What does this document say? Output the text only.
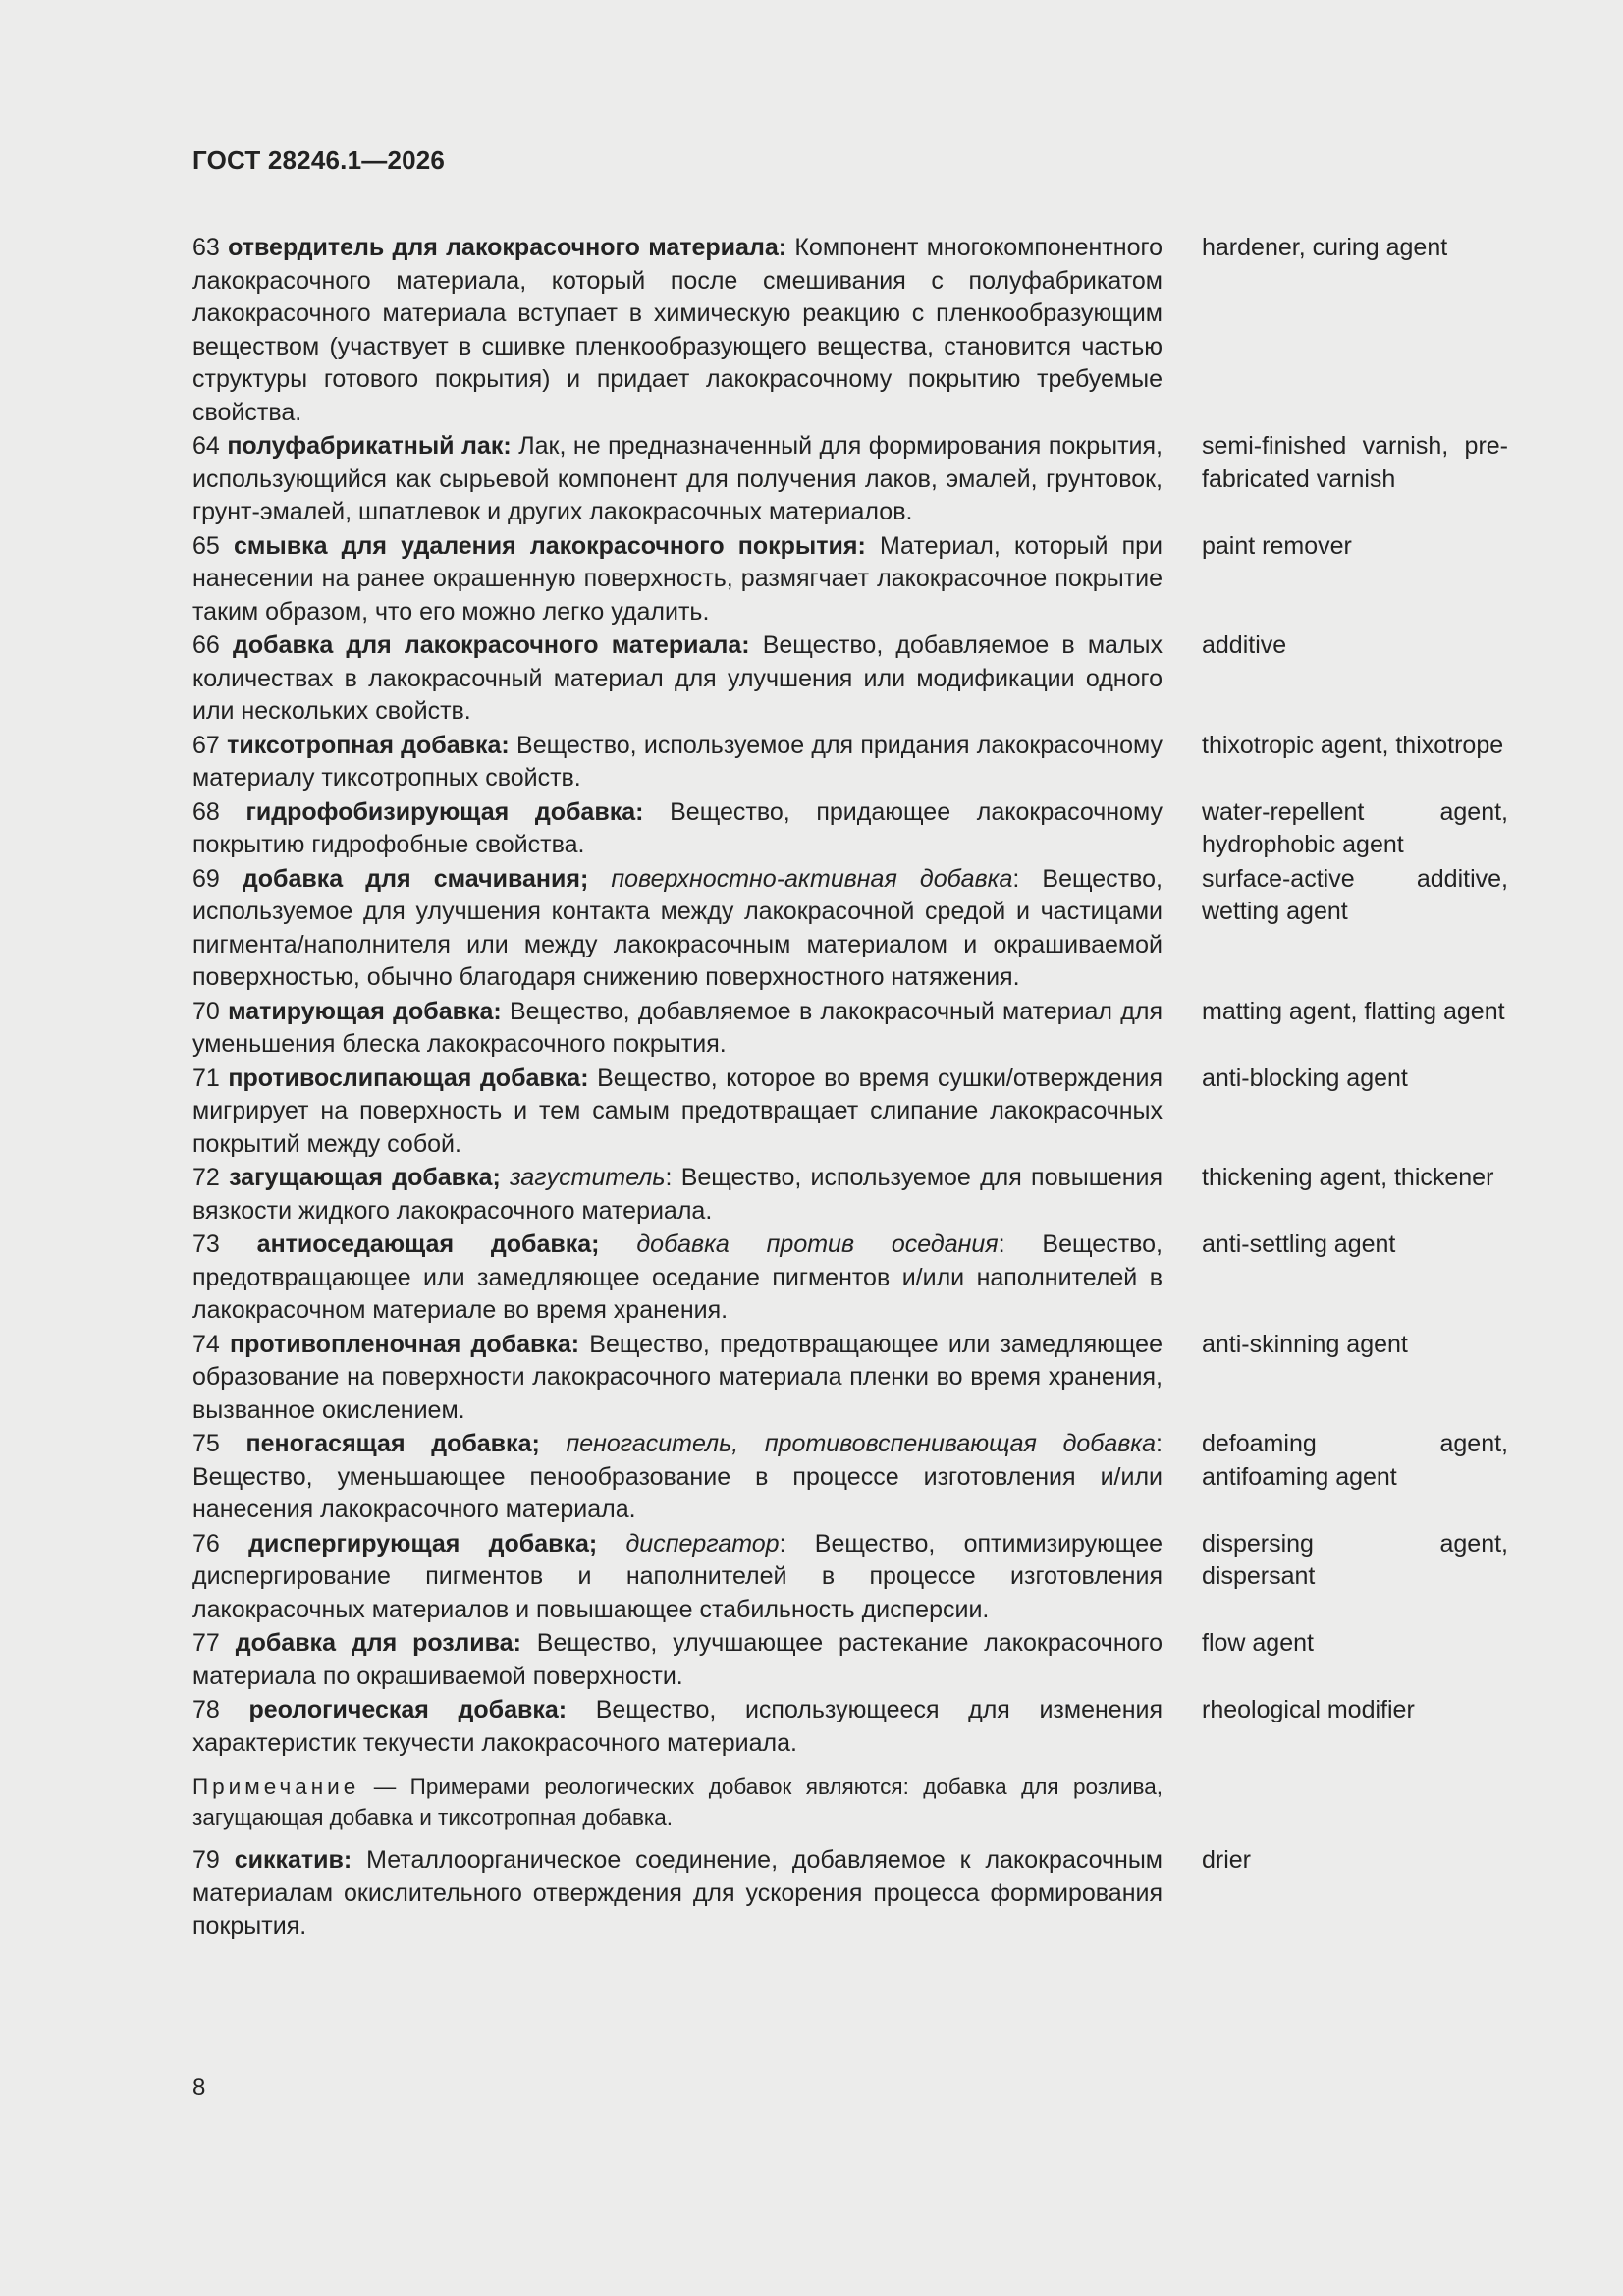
ГОСТ 28246.1—2026
63 отвердитель для лакокрасочного материала: Компонент многокомпонентного лакокрасочного материала, который после смешивания с полуфабрикатом лакокрасочного материала вступает в химическую реакцию с пленкообразующим веществом (участвует в сшивке пленкообразующего вещества, становится частью структуры готового покрытия) и придает лакокрасочному покрытию требуемые свойства.
hardener, curing agent
64 полуфабрикатный лак: Лак, не предназначенный для формирования покрытия, использующийся как сырьевой компонент для получения лаков, эмалей, грунтовок, грунт-эмалей, шпатлевок и других лакокрасочных материалов.
semi-finished varnish, pre-fabricated varnish
65 смывка для удаления лакокрасочного покрытия: Материал, который при нанесении на ранее окрашенную поверхность, размягчает лакокрасочное покрытие таким образом, что его можно легко удалить.
paint remover
66 добавка для лакокрасочного материала: Вещество, добавляемое в малых количествах в лакокрасочный материал для улучшения или модификации одного или нескольких свойств.
additive
67 тиксотропная добавка: Вещество, используемое для придания лакокрасочному материалу тиксотропных свойств.
thixotropic agent, thixotrope
68 гидрофобизирующая добавка: Вещество, придающее лакокрасочному покрытию гидрофобные свойства.
water-repellent agent, hydrophobic agent
69 добавка для смачивания; поверхностно-активная добавка: Вещество, используемое для улучшения контакта между лакокрасочной средой и частицами пигмента/наполнителя или между лакокрасочным материалом и окрашиваемой поверхностью, обычно благодаря снижению поверхностного натяжения.
surface-active additive, wetting agent
70 матирующая добавка: Вещество, добавляемое в лакокрасочный материал для уменьшения блеска лакокрасочного покрытия.
matting agent, flatting agent
71 противослипающая добавка: Вещество, которое во время сушки/отверждения мигрирует на поверхность и тем самым предотвращает слипание лакокрасочных покрытий между собой.
anti-blocking agent
72 загущающая добавка; загуститель: Вещество, используемое для повышения вязкости жидкого лакокрасочного материала.
thickening agent, thickener
73 антиоседающая добавка; добавка против оседания: Вещество, предотвращающее или замедляющее оседание пигментов и/или наполнителей в лакокрасочном материале во время хранения.
anti-settling agent
74 противопленочная добавка: Вещество, предотвращающее или замедляющее образование на поверхности лакокрасочного материала пленки во время хранения, вызванное окислением.
anti-skinning agent
75 пеногасящая добавка; пеногаситель, противовспенивающая добавка: Вещество, уменьшающее пенообразование в процессе изготовления и/или нанесения лакокрасочного материала.
defoaming agent, antifoaming agent
76 диспергирующая добавка; диспергатор: Вещество, оптимизирующее диспергирование пигментов и наполнителей в процессе изготовления лакокрасочных материалов и повышающее стабильность дисперсии.
dispersing agent, dispersant
77 добавка для розлива: Вещество, улучшающее растекание лакокрасочного материала по окрашиваемой поверхности.
flow agent
78 реологическая добавка: Вещество, использующееся для изменения характеристик текучести лакокрасочного материала.
rheological modifier
Примечание — Примерами реологических добавок являются: добавка для розлива, загущающая добавка и тиксотропная добавка.
79 сиккатив: Металлоорганическое соединение, добавляемое к лакокрасочным материалам окислительного отверждения для ускорения процесса формирования покрытия.
drier
8
